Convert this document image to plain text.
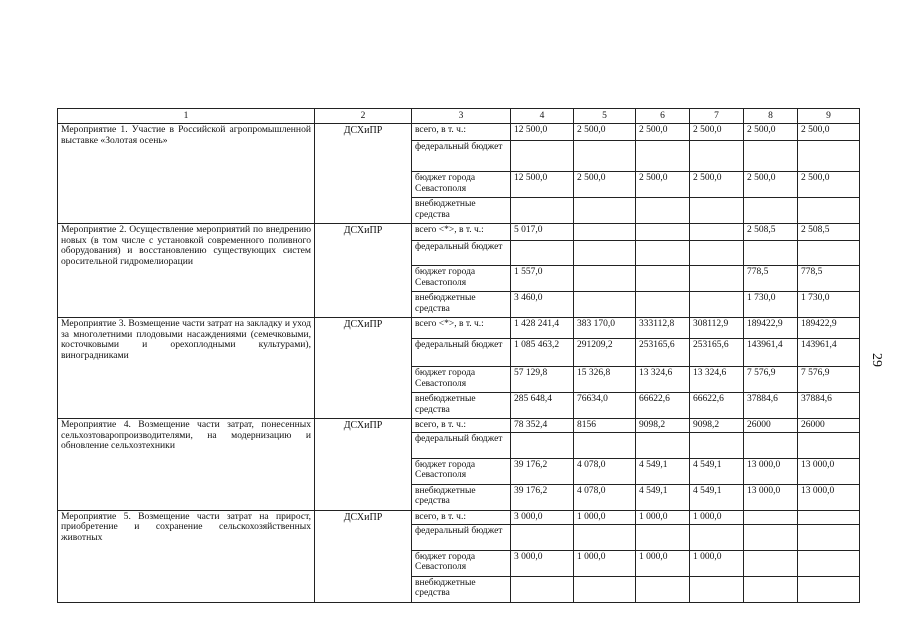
29
1	2	3	4	5	6	7	8	9
Мероприятие 1. Участие в Российской агропромышленной выставке «Золотая осень»	ДСХиПР	всего, в т. ч.:	12 500,0	2 500,0	2 500,0	2 500,0	2 500,0	2 500,0
		федеральный бюджет						
		бюджет города Севастополя	12 500,0	2 500,0	2 500,0	2 500,0	2 500,0	2 500,0
		внебюджетные средства						
Мероприятие 2. Осуществление мероприятий по внедрению новых (в том числе с установкой современного поливного оборудования) и восстановлению существующих систем оросительной гидромелиорации	ДСХиПР	всего <*>, в т. ч.:	5 017,0				2 508,5	2 508,5
		федеральный бюджет						
		бюджет города Севастополя	1 557,0				778,5	778,5
		внебюджетные средства	3 460,0				1 730,0	1 730,0
Мероприятие 3. Возмещение части затрат на закладку и уход за многолетними плодовыми насаждениями (семечковыми, косточковыми и орехоплодными культурами), виноградниками	ДСХиПР	всего <*>, в т. ч.:	1 428 241,4	383 170,0	333112,8	308112,9	189422,9	189422,9
		федеральный бюджет	1 085 463,2	291209,2	253165,6	253165,6	143961,4	143961,4
		бюджет города Севастополя	57 129,8	15 326,8	13 324,6	13 324,6	7 576,9	7 576,9
		внебюджетные средства	285 648,4	76634,0	66622,6	66622,6	37884,6	37884,6
Мероприятие 4. Возмещение части затрат, понесенных сельхозтоваропроизводителями, на модернизацию и обновление сельхозтехники	ДСХиПР	всего, в т. ч.:	78 352,4	8156	9098,2	9098,2	26000	26000
		федеральный бюджет						
		бюджет города Севастополя	39 176,2	4 078,0	4 549,1	4 549,1	13 000,0	13 000,0
		внебюджетные средства	39 176,2	4 078,0	4 549,1	4 549,1	13 000,0	13 000,0
Мероприятие 5. Возмещение части затрат на прирост, приобретение и сохранение сельскохозяйственных животных	ДСХиПР	всего, в т. ч.:	3 000,0	1 000,0	1 000,0	1 000,0		
		федеральный бюджет						
		бюджет города Севастополя	3 000,0	1 000,0	1 000,0	1 000,0		
		внебюджетные средства						
